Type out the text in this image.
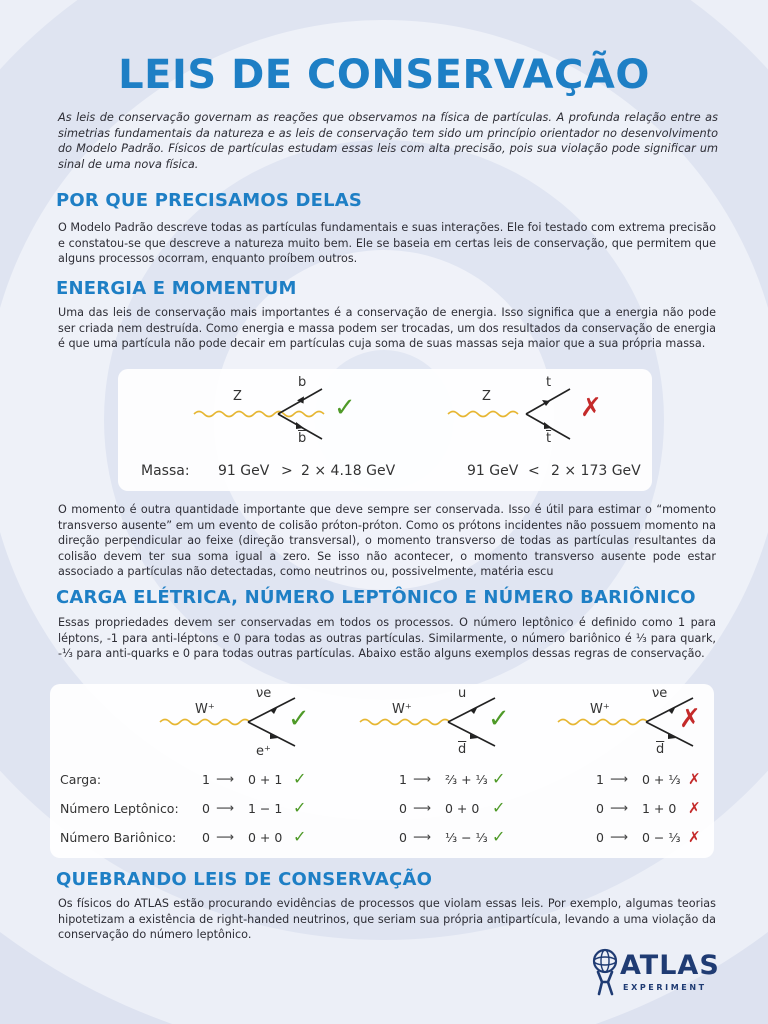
LEIS DE CONSERVAÇÃO

As leis de conservação governam as reações que observamos na física de partículas. A profunda relação entre as simetrias fundamentais da natureza e as leis de conservação tem sido um princípio orientador no desenvolvimento do Modelo Padrão. Físicos de partículas estudam essas leis com alta precisão, pois sua violação pode significar um sinal de uma nova física.

POR QUE PRECISAMOS DELAS

O Modelo Padrão descreve todas as partículas fundamentais e suas interações. Ele foi testado com extrema precisão e constatou-se que descreve a natureza muito bem. Ele se baseia em certas leis de conservação, que permitem que alguns processos ocorram, enquanto proíbem outros.

ENERGIA E MOMENTUM

Uma das leis de conservação mais importantes é a conservação de energia. Isso significa que a energia não pode ser criada nem destruída. Como energia e massa podem ser trocadas, um dos resultados da conservação de energia é que uma partícula não pode decair em partículas cuja soma de suas massas seja maior que a sua própria massa.

Z
b
$\overline{b}$
✓	Z
t
$\overline{t}$
✗
Massa: 91 GeV > 2 × 4.18 GeV	91 GeV < 2 × 173 GeV

O momento é outra quantidade importante que deve sempre ser conservada. Isso é útil para estimar o “momento transverso ausente” em um evento de colisão próton-próton. Como os prótons incidentes não possuem momento na direção perpendicular ao feixe (direção transversal), o momento transverso de todas as partículas resultantes da colisão devem ter sua soma igual a zero. Se isso não acontecer, o momento transverso ausente pode estar associado a partículas não detectadas, como neutrinos ou, possivelmente, matéria escu

CARGA ELÉTRICA, NÚMERO LEPTÔNICO E NÚMERO BARIÔNICO

Essas propriedades devem ser conservadas em todos os processos. O número leptônico é definido como 1 para léptons, -1 para anti-léptons e 0 para todas as outras partículas. Similarmente, o número bariônico é ⅓ para quark, -⅓ para anti-quarks e 0 para todas outras partículas. Abaixo estão alguns exemplos dessas regras de conservação.

W⁺
νe
e⁺
✓	W⁺
u
$\overline{d}$
✓	W⁺
νe
$\overline{d}$
✗
Carga:	1 ⟶ 0 + 1 ✓	1 ⟶ ⅔ + ⅓ ✓	1 ⟶ 0 + ⅓ ✗
Número Leptônico: 0 ⟶ 1 − 1 ✓	0 ⟶ 0 + 0 ✓	0 ⟶ 1 + 0 ✗
Número Bariônico: 0 ⟶ 0 + 0 ✓	0 ⟶ ⅓ − ⅓ ✓	0 ⟶ 0 − ⅓ ✗
QUEBRANDO LEIS DE CONSERVAÇÃO

Os físicos do ATLAS estão procurando evidências de processos que violam essas leis. Por exemplo, algumas teorias hipotetizam a existência de right-handed neutrinos, que seriam sua própria antipartícula, levando a uma violação da conservação do número leptônico.

ATLAS
EXPERIMENT
